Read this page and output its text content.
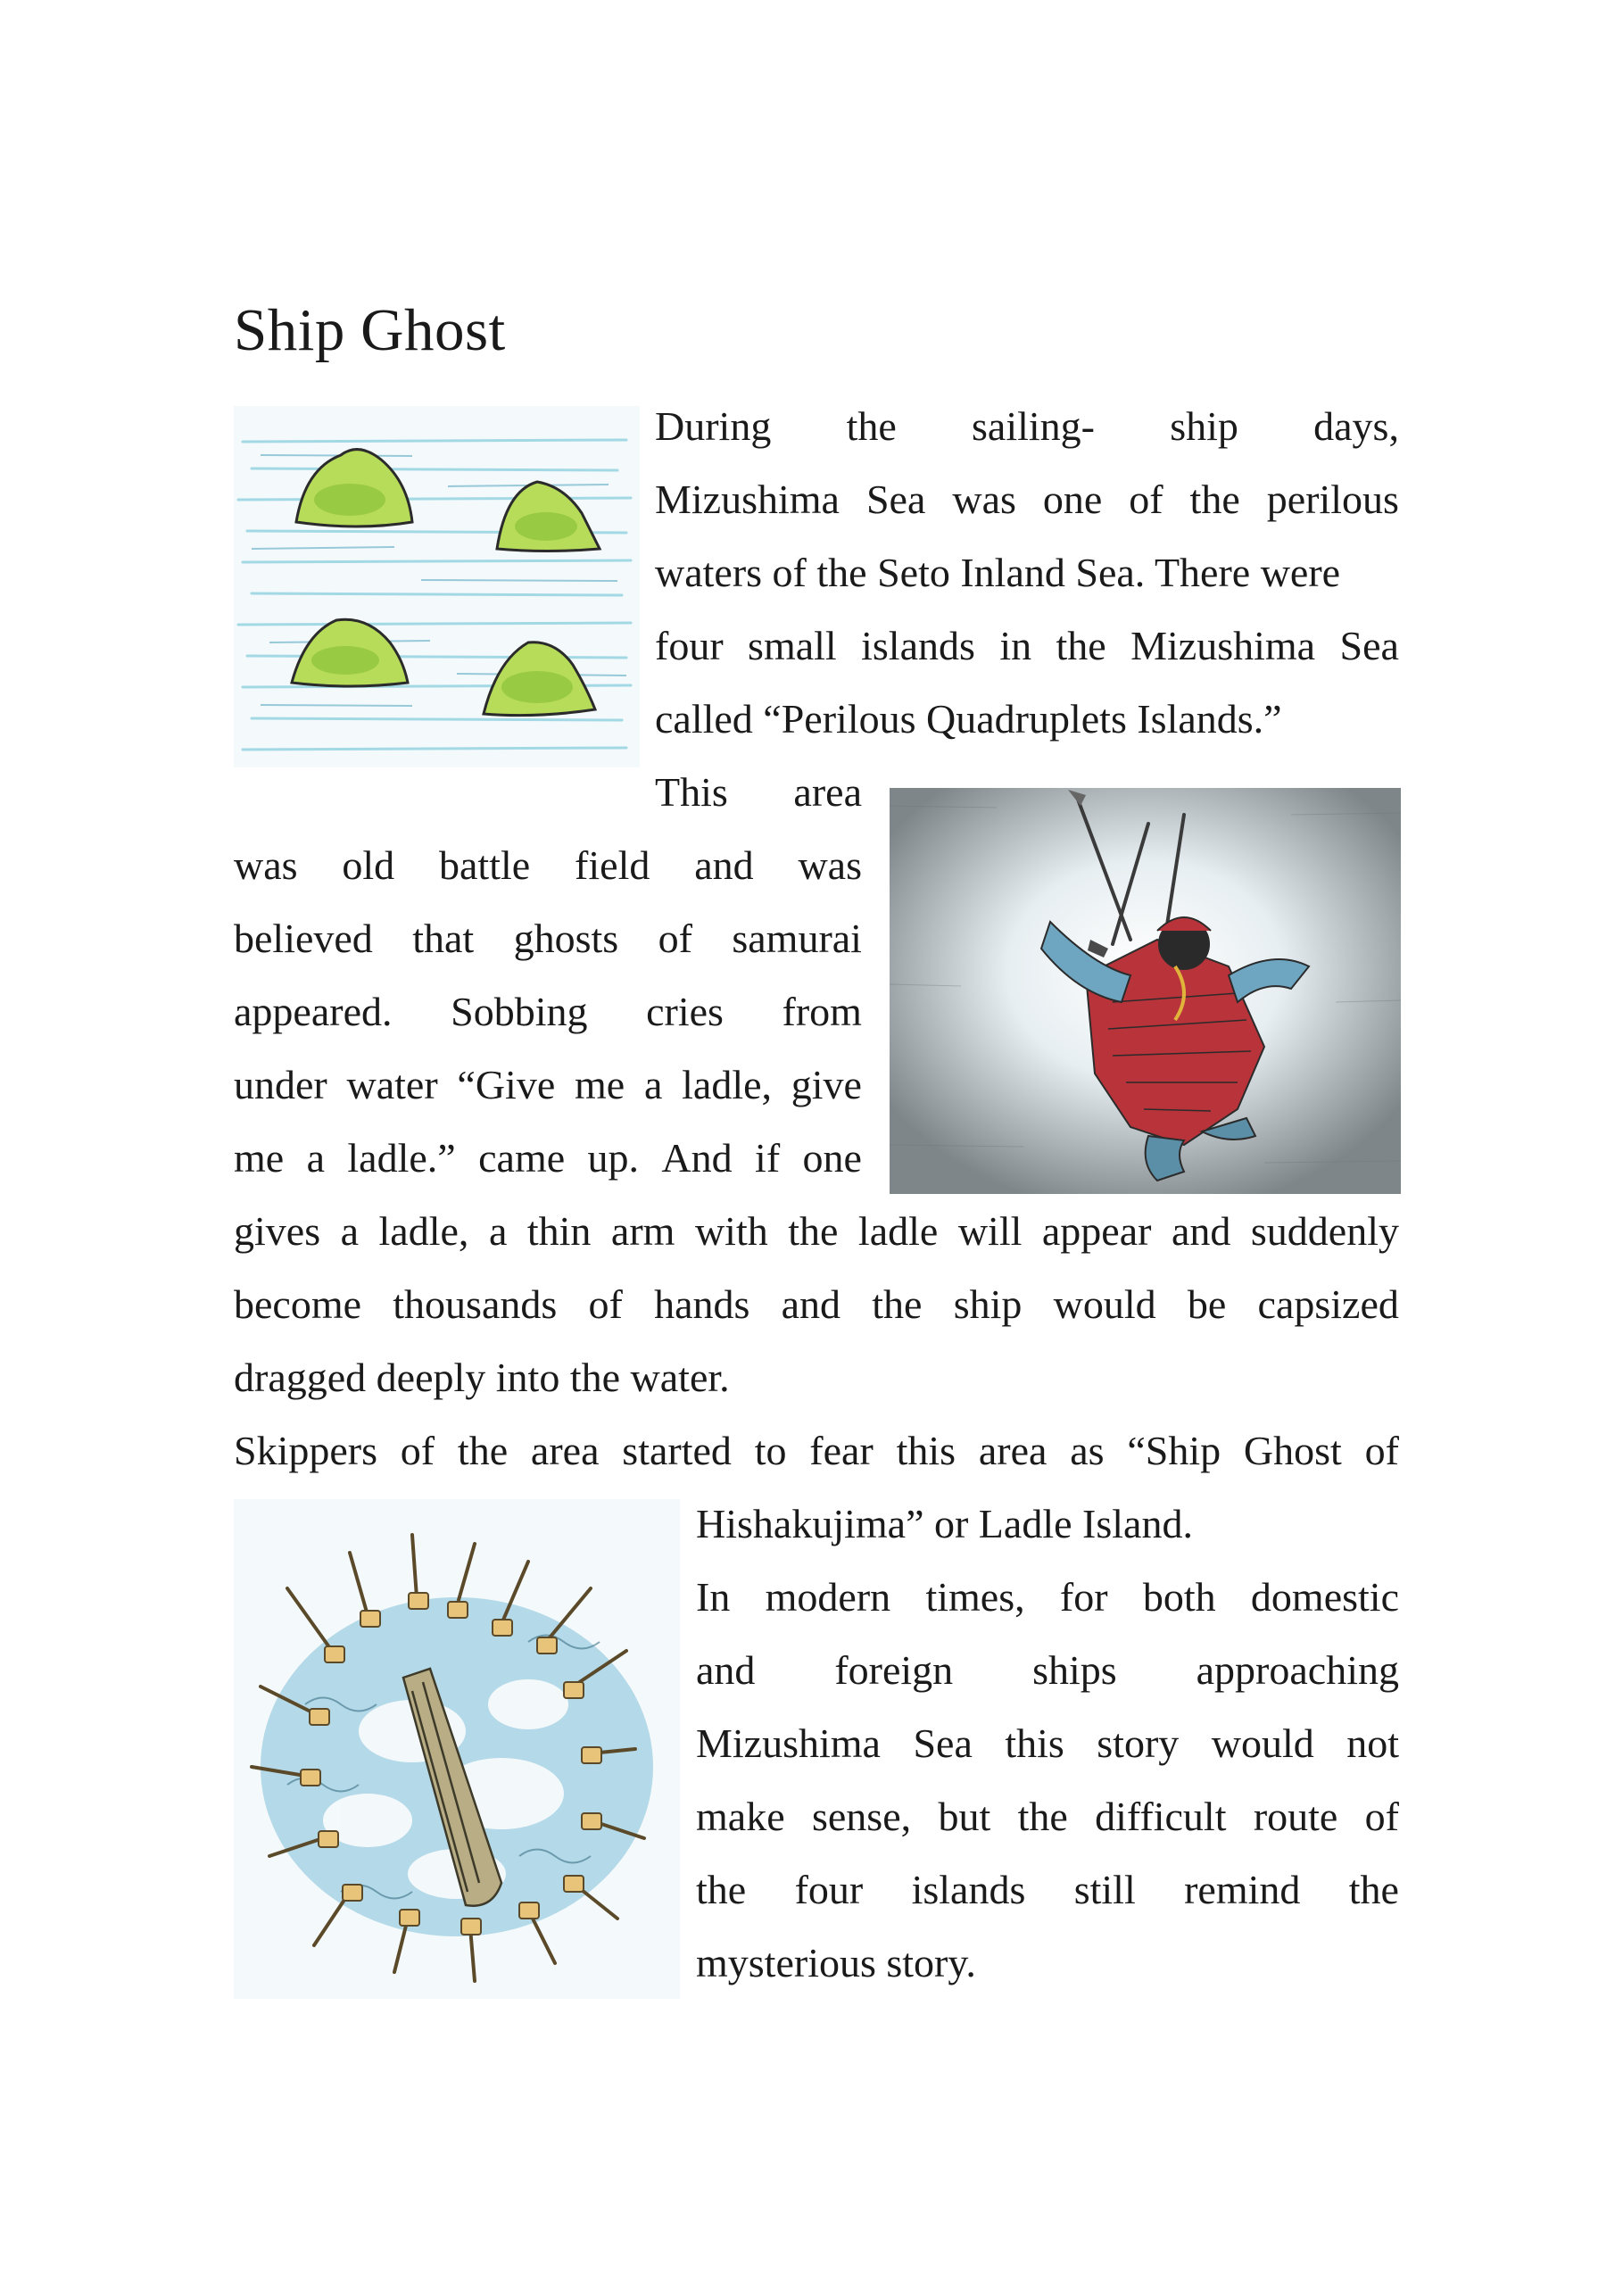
Ship Ghost
During the sailing- ship days,
Mizushima Sea was one of the perilous
waters of the Seto Inland Sea. There were
four small islands in the Mizushima Sea
called “Perilous Quadruplets Islands.”
This area
was old battle field and was
believed that ghosts of samurai
appeared. Sobbing cries from
under water “Give me a ladle, give
me a ladle.” came up. And if one
gives a ladle, a thin arm with the ladle will appear and suddenly
become thousands of hands and the ship would be capsized
dragged deeply into the water.
Skippers of the area started to fear this area as “Ship Ghost of
Hishakujima” or Ladle Island.
In modern times, for both domestic
and foreign ships approaching
Mizushima Sea this story would not
make sense, but the difficult route of
the four islands still remind the
mysterious story.
